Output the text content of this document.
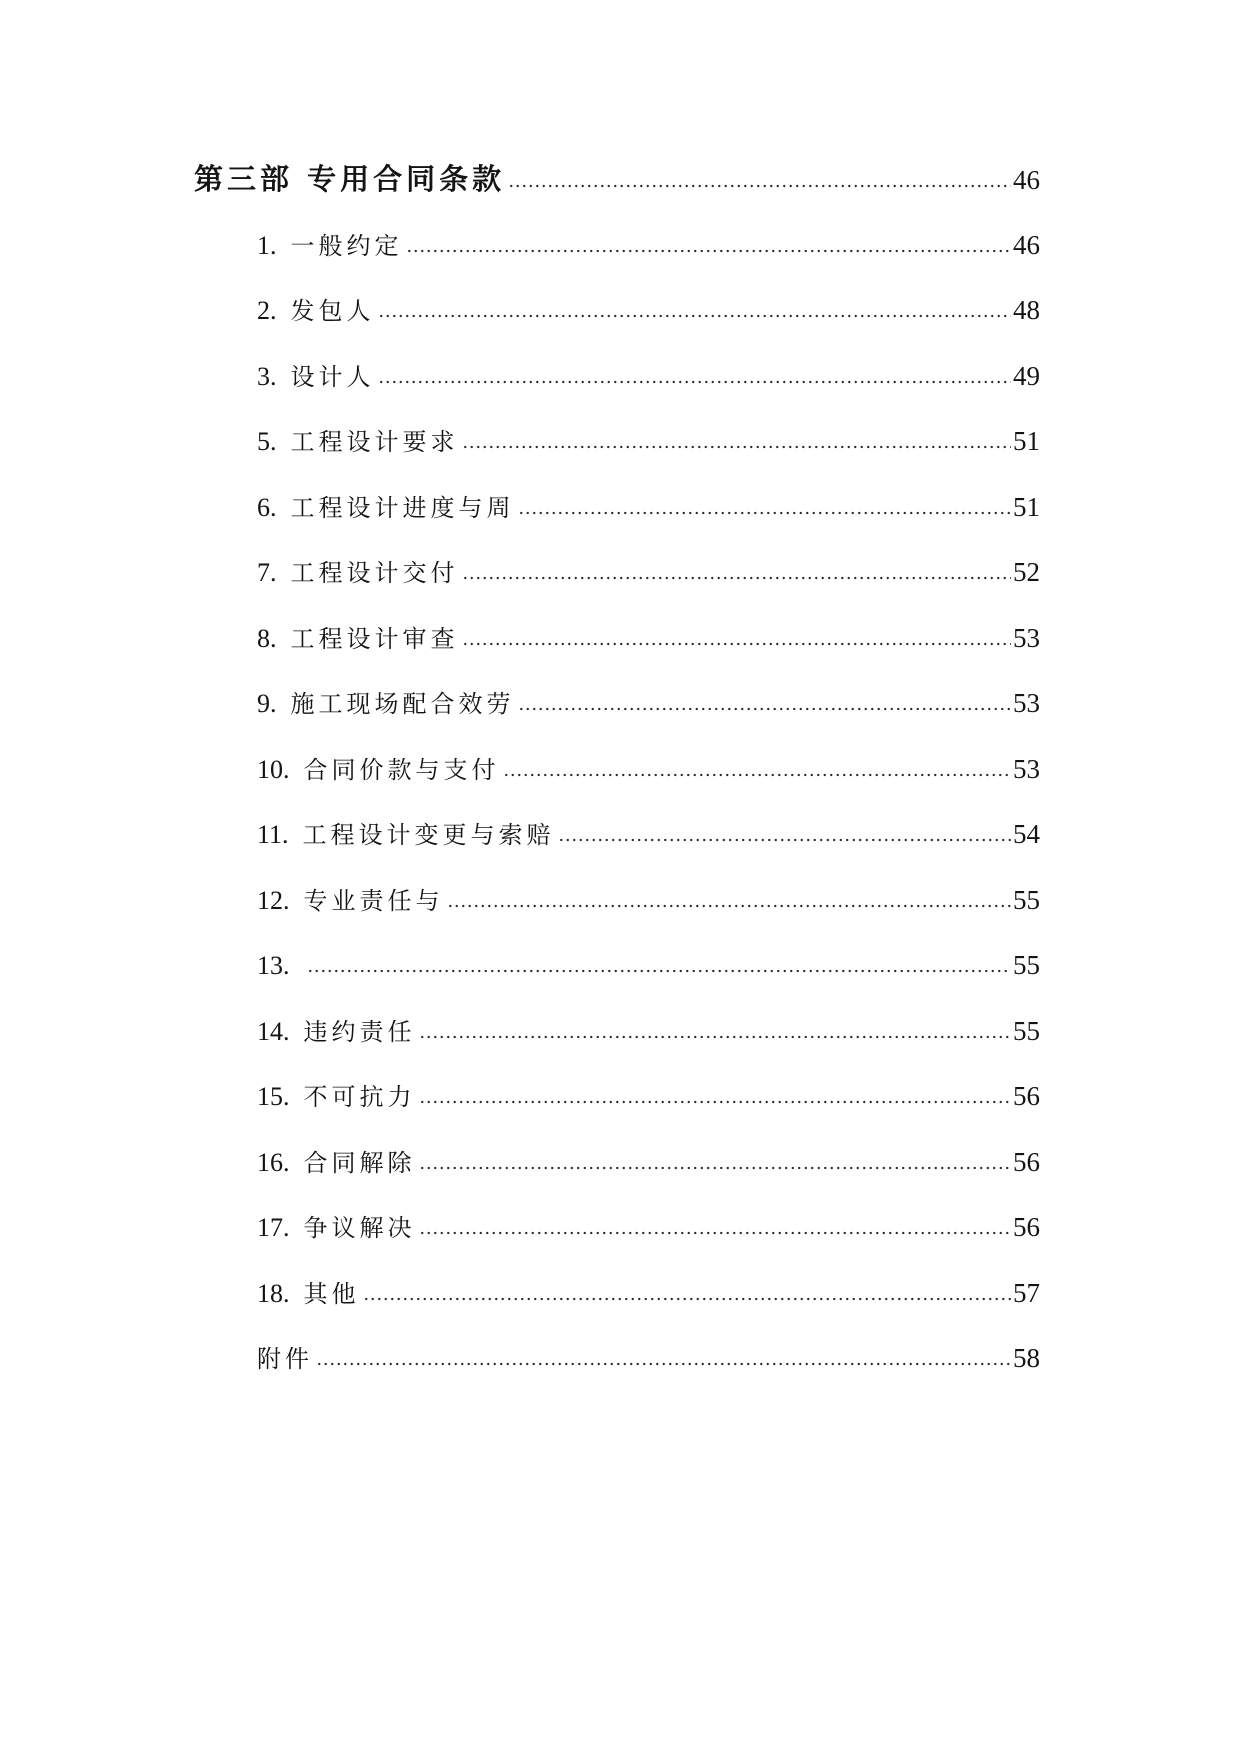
第三部 专用合同条款	46
1. 一般约定	46
2. 发包人	48
3. 设计人	49
5. 工程设计要求	51
6. 工程设计进度与周	51
7. 工程设计交付	52
8. 工程设计审查	53
9. 施工现场配合效劳	53
10. 合同价款与支付	53
11. 工程设计变更与索赔	54
12. 专业责任与	55
13.	55
14. 违约责任	55
15. 不可抗力	56
16. 合同解除	56
17. 争议解决	56
18. 其他	57
附件	58
